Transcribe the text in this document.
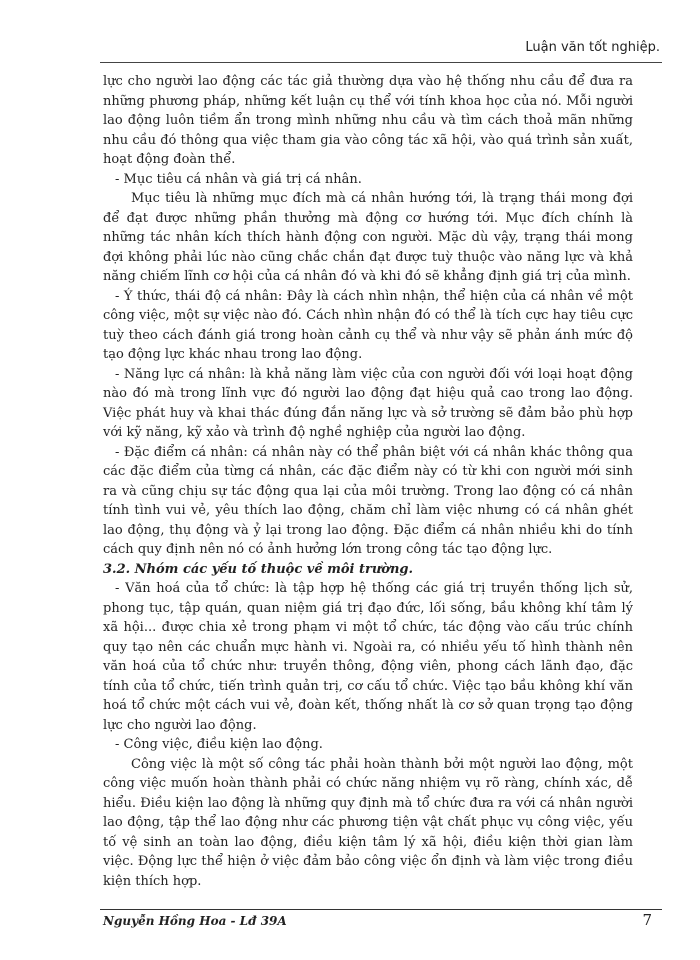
Luận văn tốt nghiệp.

lực cho người lao động các tác giả thường dựa vào hệ thống nhu cầu để đưa ra những phương pháp, những kết luận cụ thể với tính khoa học của nó. Mỗi người lao động luôn tiềm ẩn trong mình những nhu cầu và tìm cách thoả mãn những nhu cầu đó thông qua việc tham gia vào công tác xã hội, vào quá trình sản xuất, hoạt động đoàn thể.

- Mục tiêu cá nhân và giá trị cá nhân.

Mục tiêu là những mục đích mà cá nhân hướng tới, là trạng thái mong đợi để đạt được những phần thưởng mà động cơ hướng tới. Mục đích chính là những tác nhân kích thích hành động con người. Mặc dù vậy, trạng thái mong đợi không phải lúc nào cũng chắc chắn đạt được tuỳ thuộc vào năng lực và khả năng chiếm lĩnh cơ hội của cá nhân đó và khi đó sẽ khẳng định giá trị của mình.

- Ý thức, thái độ cá nhân: Đây là cách nhìn nhận, thể hiện của cá nhân về một công việc, một sự việc nào đó. Cách nhìn nhận đó có thể là tích cực hay tiêu cực tuỳ theo cách đánh giá trong hoàn cảnh cụ thể và như vậy sẽ phản ánh mức độ tạo động lực khác nhau trong lao động.

- Năng lực cá nhân: là khả năng làm việc của con người đối với loại hoạt động nào đó mà trong lĩnh vực đó người lao động đạt hiệu quả cao trong lao động. Việc phát huy và khai thác đúng đắn năng lực và sở trường sẽ đảm bảo phù hợp với kỹ năng, kỹ xảo và trình độ nghề nghiệp của người lao động.

- Đặc điểm cá nhân: cá nhân này có thể phân biệt với cá nhân khác thông qua các đặc điểm của từng cá nhân, các đặc điểm này có từ khi con người mới sinh ra và cũng chịu sự tác động qua lại của môi trường. Trong lao động có cá nhân tính tình vui vẻ, yêu thích lao động, chăm chỉ làm việc nhưng có cá nhân ghét lao động, thụ động và ỷ lại trong lao động. Đặc điểm cá nhân nhiều khi do tính cách quy định nên nó có ảnh hưởng lớn trong công tác tạo động lực.

3.2. Nhóm các yếu tố thuộc về môi trường.

- Văn hoá của tổ chức: là tập hợp hệ thống các giá trị truyền thống lịch sử, phong tục, tập quán, quan niệm giá trị đạo đức, lối sống, bầu không khí tâm lý xã hội... được chia xẻ trong phạm vi một tổ chức, tác động vào cấu trúc chính quy tạo nên các chuẩn mực hành vi. Ngoài ra, có nhiều yếu tố hình thành nên văn hoá của tổ chức như: truyền thông, động viên, phong cách lãnh đạo, đặc tính của tổ chức, tiến trình quản trị, cơ cấu tổ chức. Việc tạo bầu không khí văn hoá tổ chức một cách vui vẻ, đoàn kết, thống nhất là cơ sở quan trọng tạo động lực cho người lao động.

- Công việc, điều kiện lao động.

Công việc là một số công tác phải hoàn thành bởi một người lao động, một công việc muốn hoàn thành phải có chức năng nhiệm vụ rõ ràng, chính xác, dễ hiểu. Điều kiện lao động là những quy định mà tổ chức đưa ra với cá nhân người lao động, tập thể lao động như các phương tiện vật chất phục vụ công việc, yếu tố vệ sinh an toàn lao động, điều kiện tâm lý xã hội, điều kiện thời gian làm việc. Động lực thể hiện ở việc đảm bảo công việc ổn định và làm việc trong điều kiện thích hợp.

Nguyễn Hồng Hoa - Lđ 39A	7
